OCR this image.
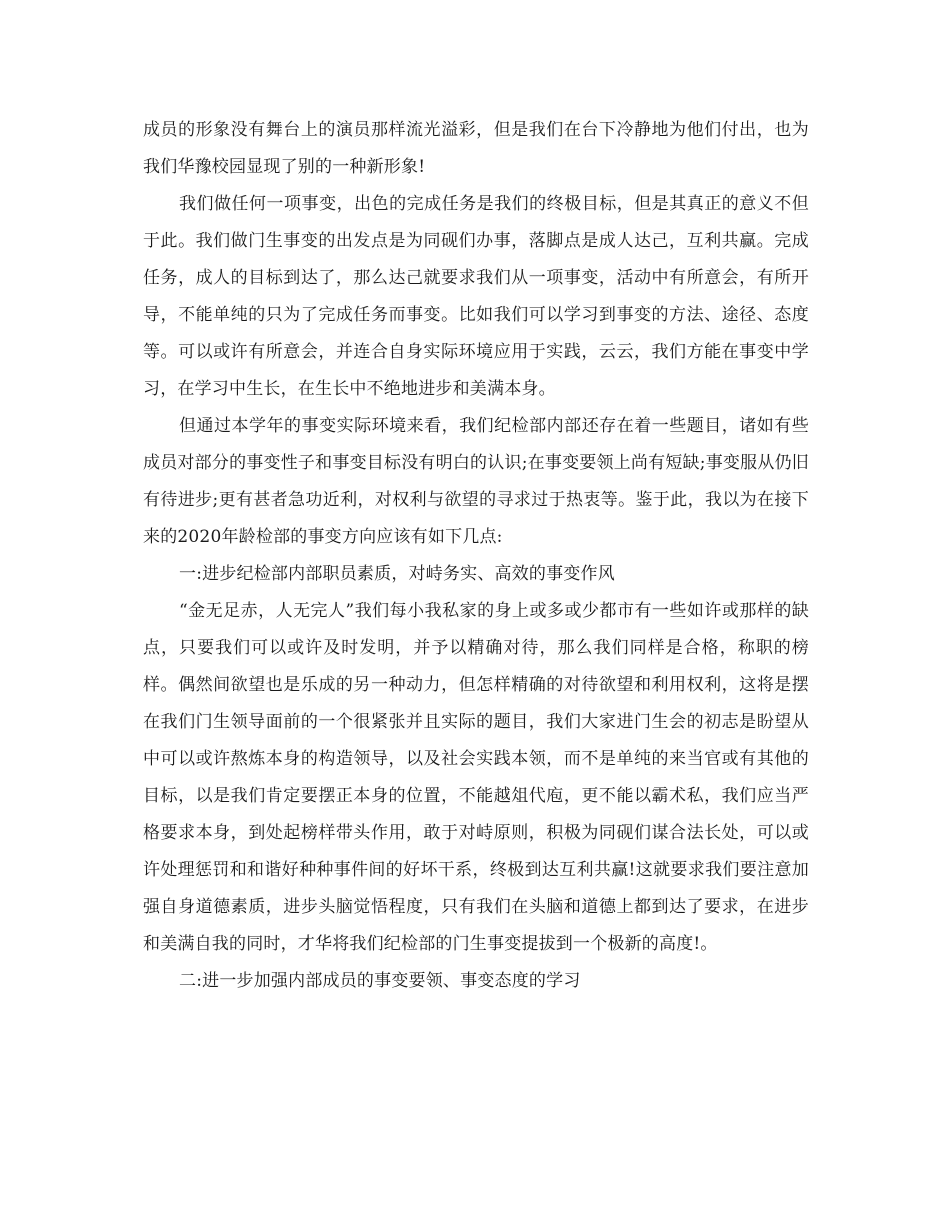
成员的形象没有舞台上的演员那样流光溢彩，但是我们在台下冷静地为他们付出，也为我们华豫校园显现了别的一种新形象!

我们做任何一项事变，出色的完成任务是我们的终极目标，但是其真正的意义不但于此。我们做门生事变的出发点是为同砚们办事，落脚点是成人达己，互利共赢。完成任务，成人的目标到达了，那么达己就要求我们从一项事变，活动中有所意会，有所开导，不能单纯的只为了完成任务而事变。比如我们可以学习到事变的方法、途径、态度等。可以或许有所意会，并连合自身实际环境应用于实践，云云，我们方能在事变中学习，在学习中生长，在生长中不绝地进步和美满本身。

但通过本学年的事变实际环境来看，我们纪检部内部还存在着一些题目，诸如有些成员对部分的事变性子和事变目标没有明白的认识;在事变要领上尚有短缺;事变服从仍旧有待进步;更有甚者急功近利，对权利与欲望的寻求过于热衷等。鉴于此，我以为在接下来的2020年龄检部的事变方向应该有如下几点:

一:进步纪检部内部职员素质，对峙务实、高效的事变作风

“金无足赤，人无完人”我们每小我私家的身上或多或少都市有一些如许或那样的缺点，只要我们可以或许及时发明，并予以精确对待，那么我们同样是合格，称职的榜样。偶然间欲望也是乐成的另一种动力，但怎样精确的对待欲望和利用权利，这将是摆在我们门生领导面前的一个很紧张并且实际的题目，我们大家进门生会的初志是盼望从中可以或许熬炼本身的构造领导，以及社会实践本领，而不是单纯的来当官或有其他的目标，以是我们肯定要摆正本身的位置，不能越俎代庖，更不能以霸术私，我们应当严格要求本身，到处起榜样带头作用，敢于对峙原则，积极为同砚们谋合法长处，可以或许处理惩罚和和谐好种种事件间的好坏干系，终极到达互利共赢!这就要求我们要注意加强自身道德素质，进步头脑觉悟程度，只有我们在头脑和道德上都到达了要求，在进步和美满自我的同时，才华将我们纪检部的门生事变提拔到一个极新的高度!。

二:进一步加强内部成员的事变要领、事变态度的学习
